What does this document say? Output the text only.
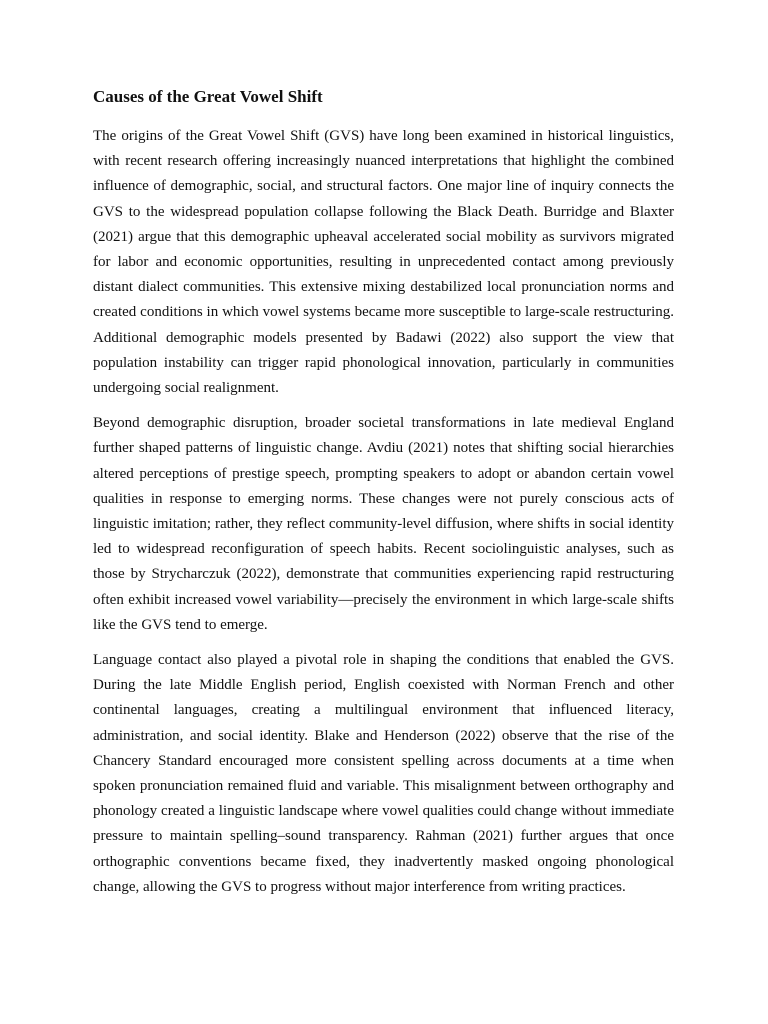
Causes of the Great Vowel Shift

The origins of the Great Vowel Shift (GVS) have long been examined in historical linguistics, with recent research offering increasingly nuanced interpretations that highlight the combined influence of demographic, social, and structural factors. One major line of inquiry connects the GVS to the widespread population collapse following the Black Death. Burridge and Blaxter (2021) argue that this demographic upheaval accelerated social mobility as survivors migrated for labor and economic opportunities, resulting in unprecedented contact among previously distant dialect communities. This extensive mixing destabilized local pronunciation norms and created conditions in which vowel systems became more susceptible to large-scale restructuring. Additional demographic models presented by Badawi (2022) also support the view that population instability can trigger rapid phonological innovation, particularly in communities undergoing social realignment.

Beyond demographic disruption, broader societal transformations in late medieval England further shaped patterns of linguistic change. Avdiu (2021) notes that shifting social hierarchies altered perceptions of prestige speech, prompting speakers to adopt or abandon certain vowel qualities in response to emerging norms. These changes were not purely conscious acts of linguistic imitation; rather, they reflect community-level diffusion, where shifts in social identity led to widespread reconfiguration of speech habits. Recent sociolinguistic analyses, such as those by Strycharczuk (2022), demonstrate that communities experiencing rapid restructuring often exhibit increased vowel variability—precisely the environment in which large-scale shifts like the GVS tend to emerge.

Language contact also played a pivotal role in shaping the conditions that enabled the GVS. During the late Middle English period, English coexisted with Norman French and other continental languages, creating a multilingual environment that influenced literacy, administration, and social identity. Blake and Henderson (2022) observe that the rise of the Chancery Standard encouraged more consistent spelling across documents at a time when spoken pronunciation remained fluid and variable. This misalignment between orthography and phonology created a linguistic landscape where vowel qualities could change without immediate pressure to maintain spelling–sound transparency. Rahman (2021) further argues that once orthographic conventions became fixed, they inadvertently masked ongoing phonological change, allowing the GVS to progress without major interference from writing practices.
